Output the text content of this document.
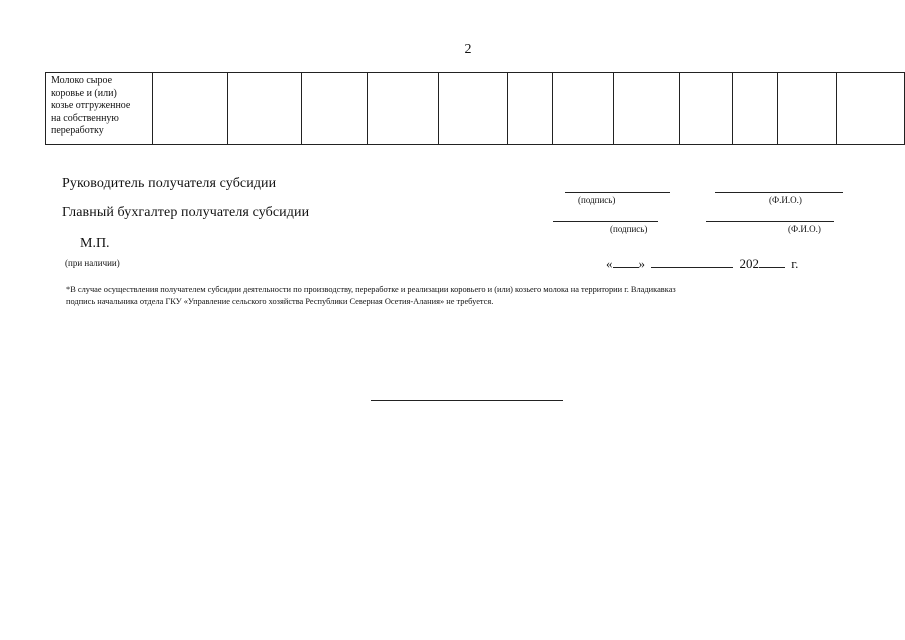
2
Молоко сырое
коровье и (или)
козье отгруженное
на собственную
переработку

Руководитель получателя субсидии
(подпись)	(Ф.И.О.)
Главный бухгалтер получателя субсидии
(подпись)	(Ф.И.О.)
М.П.
(при наличии)	« »	202 г.
*В случае осуществления получателем субсидии деятельности по производству, переработке и реализации коровьего и (или) козьего молока на территории г. Владикавказ
подпись начальника отдела ГКУ «Управление сельского хозяйства Республики Северная Осетия-Алания» не требуется.
